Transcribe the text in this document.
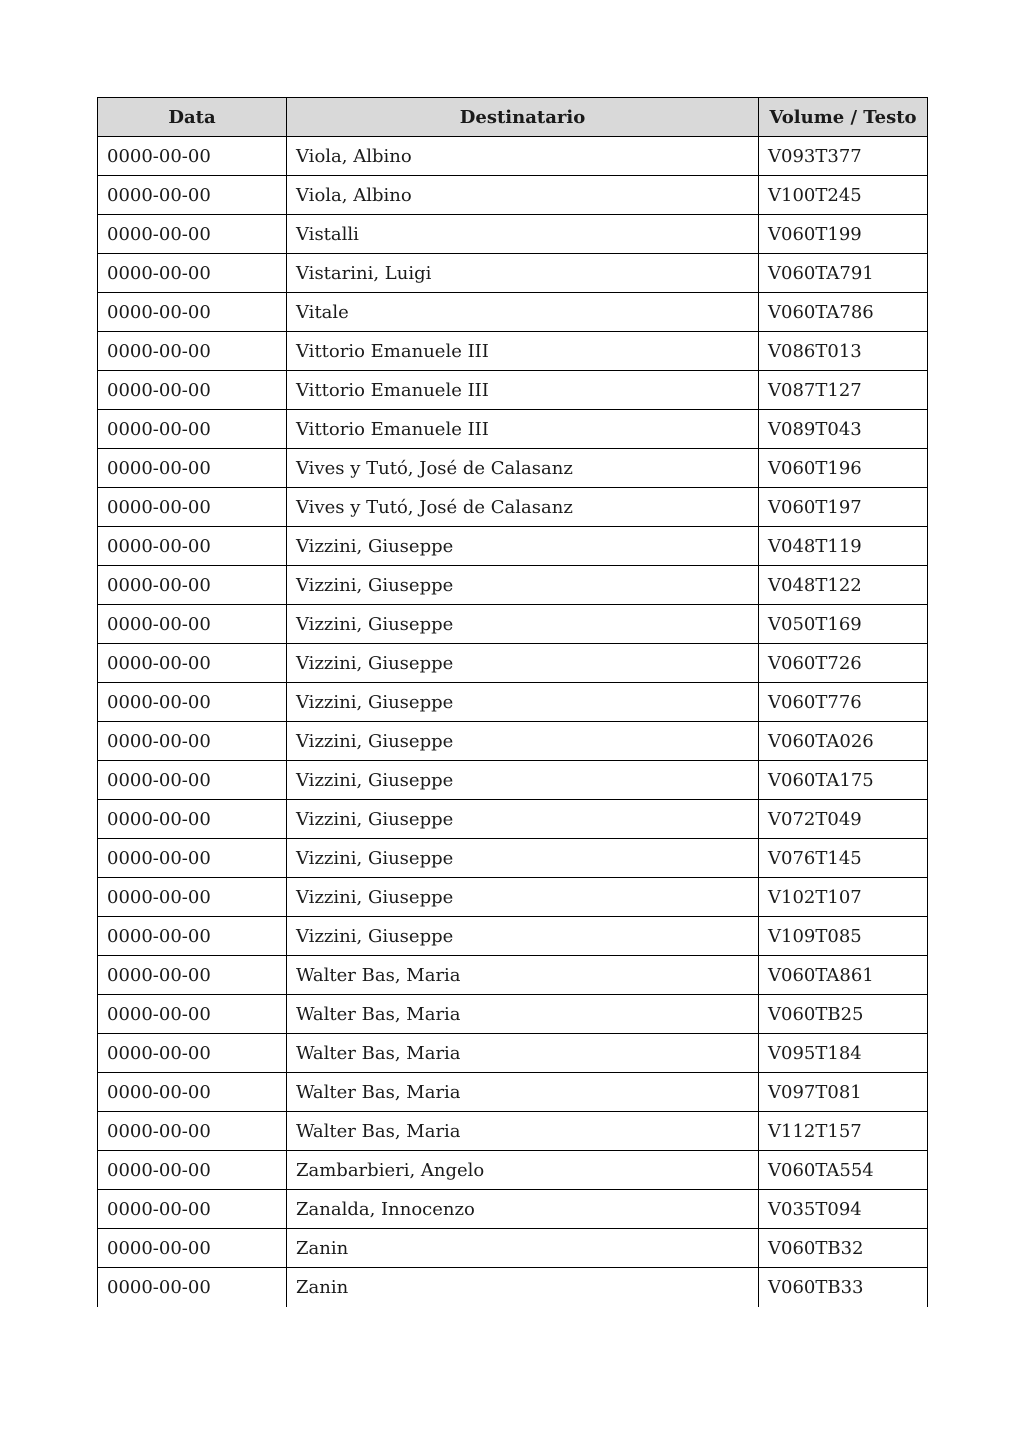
Data	Destinatario	Volume / Testo
0000-00-00	Viola, Albino	V093T377
0000-00-00	Viola, Albino	V100T245
0000-00-00	Vistalli	V060T199
0000-00-00	Vistarini, Luigi	V060TA791
0000-00-00	Vitale	V060TA786
0000-00-00	Vittorio Emanuele III	V086T013
0000-00-00	Vittorio Emanuele III	V087T127
0000-00-00	Vittorio Emanuele III	V089T043
0000-00-00	Vives y Tutó, José de Calasanz	V060T196
0000-00-00	Vives y Tutó, José de Calasanz	V060T197
0000-00-00	Vizzini, Giuseppe	V048T119
0000-00-00	Vizzini, Giuseppe	V048T122
0000-00-00	Vizzini, Giuseppe	V050T169
0000-00-00	Vizzini, Giuseppe	V060T726
0000-00-00	Vizzini, Giuseppe	V060T776
0000-00-00	Vizzini, Giuseppe	V060TA026
0000-00-00	Vizzini, Giuseppe	V060TA175
0000-00-00	Vizzini, Giuseppe	V072T049
0000-00-00	Vizzini, Giuseppe	V076T145
0000-00-00	Vizzini, Giuseppe	V102T107
0000-00-00	Vizzini, Giuseppe	V109T085
0000-00-00	Walter Bas, Maria	V060TA861
0000-00-00	Walter Bas, Maria	V060TB25
0000-00-00	Walter Bas, Maria	V095T184
0000-00-00	Walter Bas, Maria	V097T081
0000-00-00	Walter Bas, Maria	V112T157
0000-00-00	Zambarbieri, Angelo	V060TA554
0000-00-00	Zanalda, Innocenzo	V035T094
0000-00-00	Zanin	V060TB32
0000-00-00	Zanin	V060TB33
